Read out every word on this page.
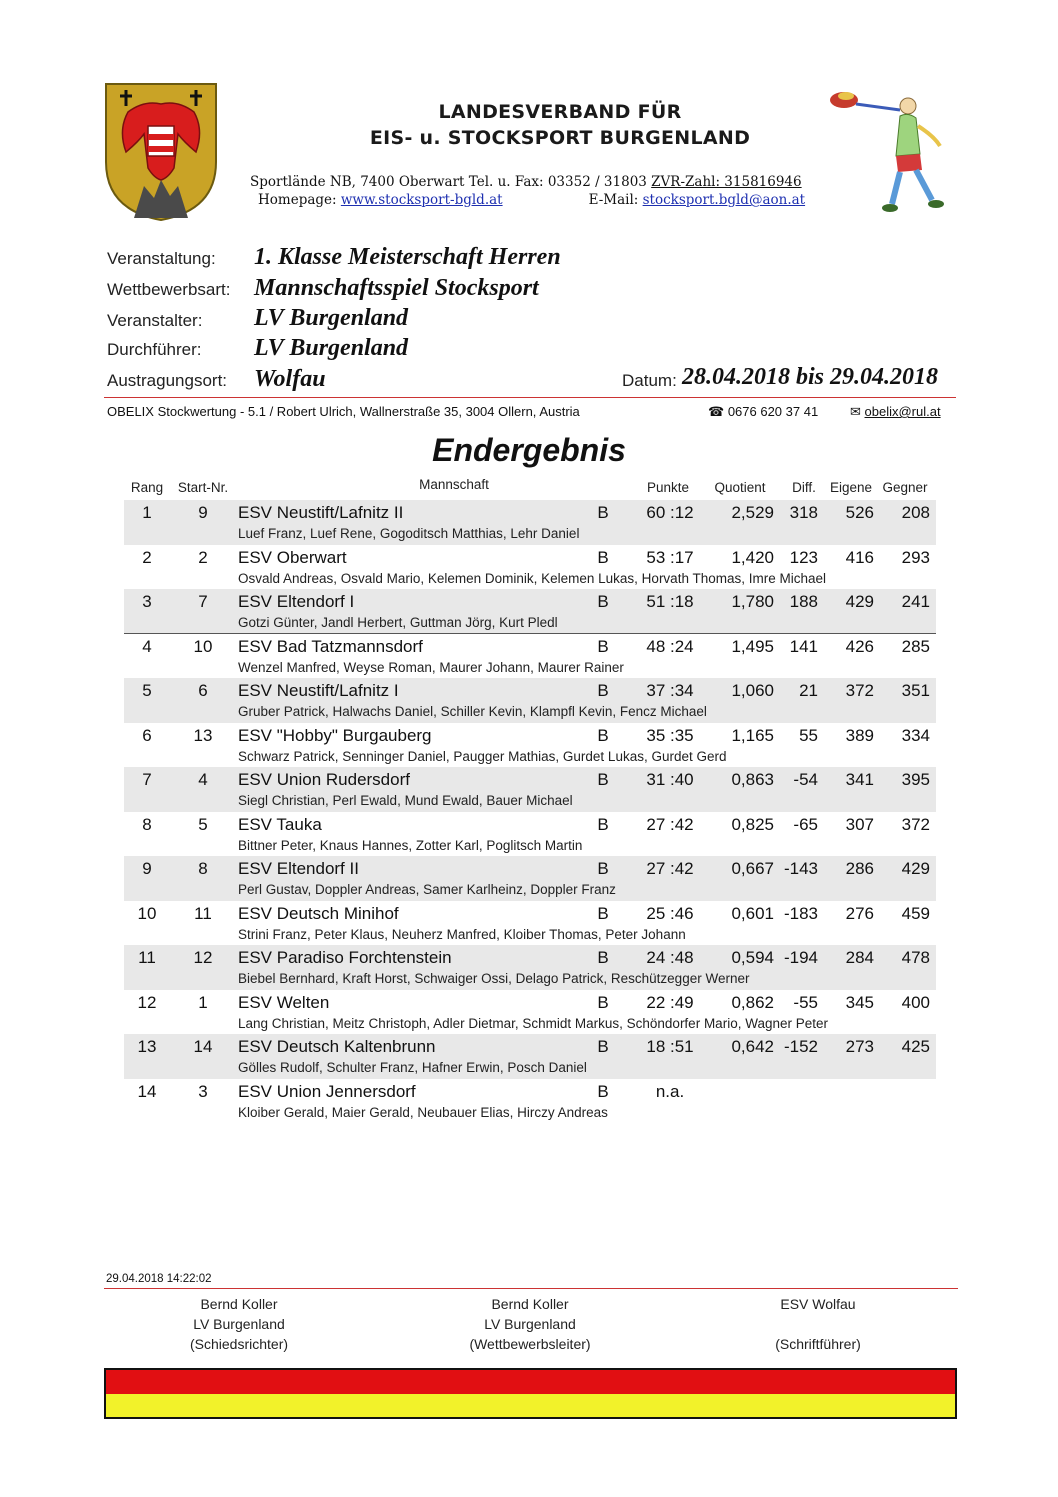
LANDESVERBAND FÜR
EIS- u. STOCKSPORT BURGENLAND
Sportlände NB, 7400 Oberwart Tel. u. Fax: 03352 / 31803 ZVR-Zahl: 315816946
Homepage: www.stocksport-bgld.at	E-Mail: stocksport.bgld@aon.at
Veranstaltung: 1. Klasse Meisterschaft Herren
Wettbewerbsart: Mannschaftsspiel Stocksport
Veranstalter: LV Burgenland
Durchführer: LV Burgenland
Austragungsort: Wolfau	Datum: 28.04.2018 bis 29.04.2018
OBELIX Stockwertung - 5.1 / Robert Ulrich, Wallnerstraße 35, 3004 Ollern, Austria	☎ 0676 620 37 41 ✉ obelix@rul.at
Endergebnis
Rang	Start-Nr.	Mannschaft	Punkte	Quotient	Diff.	Eigene Gegner
1	9	ESV Neustift/Lafnitz II	B	60 :12	2,529 318	526	208
Luef Franz, Luef Rene, Gogoditsch Matthias, Lehr Daniel
2	2	ESV Oberwart	B	53 :17	1,420 123	416	293
Osvald Andreas, Osvald Mario, Kelemen Dominik, Kelemen Lukas, Horvath Thomas, Imre Michael
3	7	ESV Eltendorf I	B	51 :18	1,780 188	429	241
Gotzi Günter, Jandl Herbert, Guttman Jörg, Kurt Pledl
4	10	ESV Bad Tatzmannsdorf	B	48 :24	1,495 141	426	285
Wenzel Manfred, Weyse Roman, Maurer Johann, Maurer Rainer
5	6	ESV Neustift/Lafnitz I	B	37 :34	1,060	21	372	351
Gruber Patrick, Halwachs Daniel, Schiller Kevin, Klampfl Kevin, Fencz Michael
6	13	ESV "Hobby" Burgauberg	B	35 :35	1,165	55	389	334
Schwarz Patrick, Senninger Daniel, Paugger Mathias, Gurdet Lukas, Gurdet Gerd
7	4	ESV Union Rudersdorf	B	31 :40	0,863	-54	341	395
Siegl Christian, Perl Ewald, Mund Ewald, Bauer Michael
8	5	ESV Tauka	B	27 :42	0,825	-65	307	372
Bittner Peter, Knaus Hannes, Zotter Karl, Poglitsch Martin
9	8	ESV Eltendorf II	B	27 :42	0,667 -143	286	429
Perl Gustav, Doppler Andreas, Samer Karlheinz, Doppler Franz
10	11	ESV Deutsch Minihof	B	25 :46	0,601 -183	276	459
Strini Franz, Peter Klaus, Neuherz Manfred, Kloiber Thomas, Peter Johann
11	12	ESV Paradiso Forchtenstein	B	24 :48	0,594 -194	284	478
Biebel Bernhard, Kraft Horst, Schwaiger Ossi, Delago Patrick, Reschützegger Werner
12	1	ESV Welten	B	22 :49	0,862	-55	345	400
Lang Christian, Meitz Christoph, Adler Dietmar, Schmidt Markus, Schöndorfer Mario, Wagner Peter
13	14	ESV Deutsch Kaltenbrunn	B	18 :51	0,642 -152	273	425
Gölles Rudolf, Schulter Franz, Hafner Erwin, Posch Daniel
14	3	ESV Union Jennersdorf	B	n.a.
Kloiber Gerald, Maier Gerald, Neubauer Elias, Hirczy Andreas
29.04.2018 14:22:02
Bernd Koller
LV Burgenland
(Schiedsrichter)
Bernd Koller
LV Burgenland
(Wettbewerbsleiter)
ESV Wolfau
(Schriftführer)
